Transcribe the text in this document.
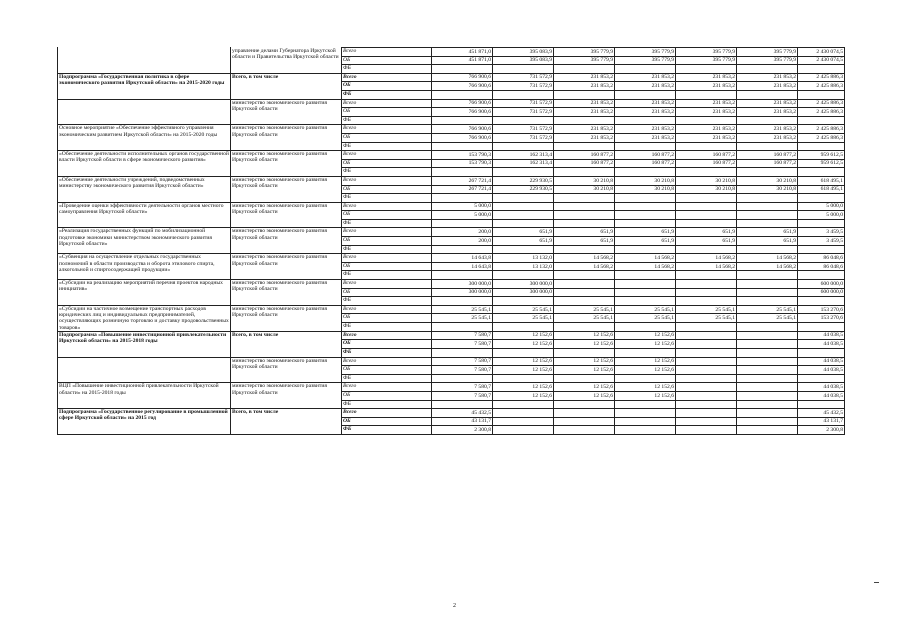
	управление делами Губернатора Иркутской области и Правительства Иркутской области	Всего	451 871,0	395 083,9	395 779,9	395 779,9	395 779,9	395 779,9	2 430 074,5
		ОБ	451 871,0	395 083,9	395 779,9	395 779,9	395 779,9	395 779,9	2 430 074,5
		ФБ							
Подпрограмма «Государственная политика в сфере экономического развития Иркутской области» на 2015-2020 годы	Всего, в том числе	Всего	766 900,6	731 572,9	231 853,2	231 853,2	231 853,2	231 853,2	2 425 886,3
		ОБ	766 900,6	731 572,9	231 853,2	231 853,2	231 853,2	231 853,2	2 425 886,3
		ФБ							
	министерство экономического развития Иркутской области	Всего	766 900,6	731 572,9	231 853,2	231 853,2	231 853,2	231 853,2	2 425 886,3
		ОБ	766 900,6	731 572,9	231 853,2	231 853,2	231 853,2	231 853,2	2 425 886,3
		ФБ							
Основное мероприятие «Обеспечение эффективного управления экономическим развитием Иркутской области» на 2015-2020 годы	министерство экономического развития Иркутской области	Всего	766 900,6	731 572,9	231 853,2	231 853,2	231 853,2	231 853,2	2 425 886,3
		ОБ	766 900,6	731 572,9	231 853,2	231 853,2	231 853,2	231 853,2	2 425 886,3
		ФБ							
«Обеспечение деятельности исполнительных органов государственной власти Иркутской области в сфере экономического развития»	министерство экономического развития Иркутской области	Всего	153 790,3	162 313,4	160 877,2	160 877,2	160 877,2	160 877,2	959 612,5
		ОБ	153 790,3	162 313,4	160 877,2	160 877,2	160 877,2	160 877,2	959 612,5
		ФБ							
«Обеспечение деятельности учреждений, подведомственных министерству экономического развития Иркутской области»	министерство экономического развития Иркутской области	Всего	267 721,4	229 930,5	30 210,8	30 210,8	30 210,8	30 210,8	618 495,1
		ОБ	267 721,4	229 930,5	30 210,8	30 210,8	30 210,8	30 210,8	618 495,1
		ФБ							
«Проведение оценки эффективности деятельности органов местного самоуправления Иркутской области»	министерство экономического развития Иркутской области	Всего	5 000,0						5 000,0
		ОБ	5 000,0						5 000,0
		ФБ							
«Реализация государственных функций по мобилизационной подготовке экономики министерством экономического развития Иркутской области»	министерство экономического развития Иркутской области	Всего	200,0	651,9	651,9	651,9	651,9	651,9	3 459,5
		ОБ	200,0	651,9	651,9	651,9	651,9	651,9	3 459,5
		ФБ							
«Субвенция на осуществление отдельных государственных полномочий в области производства и оборота этилового спирта, алкогольной и спиртосодержащей продукции»	министерство экономического развития Иркутской области	Всего	14 643,8	13 132,0	14 568,2	14 568,2	14 568,2	14 568,2	86 048,6
		ОБ	14 643,8	13 132,0	14 568,2	14 568,2	14 568,2	14 568,2	86 048,6
		ФБ							
«Субсидии на реализацию мероприятий перечня проектов народных инициатив»	министерство экономического развития Иркутской области	Всего	300 000,0	300 000,0					600 000,0
		ОБ	300 000,0	300 000,0					600 000,0
		ФБ							
«Субсидии на частичное возмещение транспортных расходов юридических лиц и индивидуальных предпринимателей, осуществляющих розничную торговлю и доставку продовольственных товаров»	министерство экономического развития Иркутской области	Всего	25 545,1	25 545,1	25 545,1	25 545,1	25 545,1	25 545,1	153 270,6
		ОБ	25 545,1	25 545,1	25 545,1	25 545,1	25 545,1	25 545,1	153 270,6
		ФБ							
Подпрограмма «Повышение инвестиционной привлекательности Иркутской области» на 2015-2018 годы	Всего, в том числе	Всего	7 580,7	12 152,6	12 152,6	12 152,6			44 038,5
		ОБ	7 580,7	12 152,6	12 152,6	12 152,6			44 038,5
		ФБ							
	министерство экономического развития Иркутской области	Всего	7 580,7	12 152,6	12 152,6	12 152,6			44 038,5
		ОБ	7 580,7	12 152,6	12 152,6	12 152,6			44 038,5
		ФБ							
ВЦП «Повышение инвестиционной привлекательности Иркутской области» на 2015-2018 годы	министерство экономического развития Иркутской области	Всего	7 580,7	12 152,6	12 152,6	12 152,6			44 038,5
		ОБ	7 580,7	12 152,6	12 152,6	12 152,6			44 038,5
		ФБ							
Подпрограмма «Государственное регулирование в промышленной сфере Иркутской области» на 2015 год	Всего, в том числе	Всего	45 432,5						45 432,5
		ОБ	43 131,7						43 131,7
		ФБ	2 300,8						2 300,8
2
